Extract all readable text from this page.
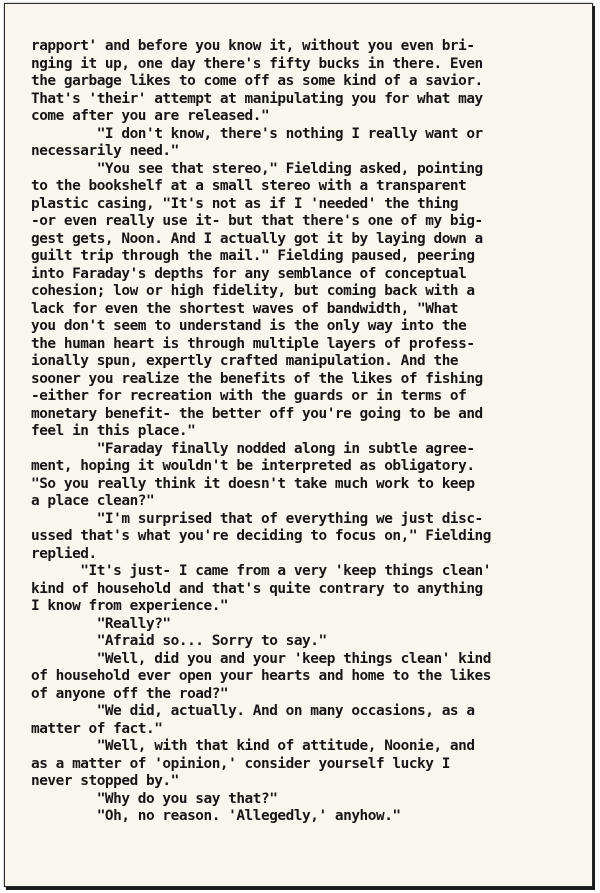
rapport' and before you know it, without you even bri-
nging it up, one day there's fifty bucks in there. Even
the garbage likes to come off as some kind of a savior.
That's 'their' attempt at manipulating you for what may
come after you are released."
"I don't know, there's nothing I really want or
necessarily need."
"You see that stereo," Fielding asked, pointing
to the bookshelf at a small stereo with a transparent
plastic casing, "It's not as if I 'needed' the thing
-or even really use it- but that there's one of my big-
gest gets, Noon. And I actually got it by laying down a
guilt trip through the mail." Fielding paused, peering
into Faraday's depths for any semblance of conceptual
cohesion; low or high fidelity, but coming back with a
lack for even the shortest waves of bandwidth, "What
you don't seem to understand is the only way into the
the human heart is through multiple layers of profess-
ionally spun, expertly crafted manipulation. And the
sooner you realize the benefits of the likes of fishing
-either for recreation with the guards or in terms of
monetary benefit- the better off you're going to be and
feel in this place."
"Faraday finally nodded along in subtle agree-
ment, hoping it wouldn't be interpreted as obligatory.
"So you really think it doesn't take much work to keep
a place clean?"
"I'm surprised that of everything we just disc-
ussed that's what you're deciding to focus on," Fielding
replied.
"It's just- I came from a very 'keep things clean'
kind of household and that's quite contrary to anything
I know from experience."
"Really?"
"Afraid so... Sorry to say."
"Well, did you and your 'keep things clean' kind
of household ever open your hearts and home to the likes
of anyone off the road?"
"We did, actually. And on many occasions, as a
matter of fact."
"Well, with that kind of attitude, Noonie, and
as a matter of 'opinion,' consider yourself lucky I
never stopped by."
"Why do you say that?"
"Oh, no reason. 'Allegedly,' anyhow."
